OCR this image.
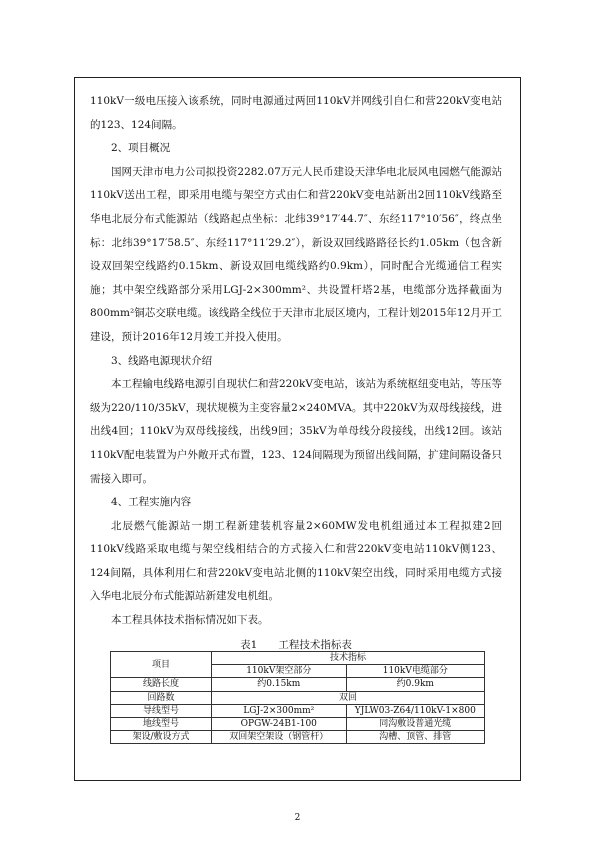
110kV一级电压接入该系统，同时电源通过两回110kV并网线引自仁和营220kV变电站的123、124间隔。

2、项目概况

国网天津市电力公司拟投资2282.07万元人民币建设天津华电北辰风电园燃气能源站110kV送出工程，即采用电缆与架空方式由仁和营220kV变电站新出2回110kV线路至华电北辰分布式能源站（线路起点坐标：北纬39°17′44.7″、东经117°10′56″，终点坐标：北纬39°17′58.5″、东经117°11′29.2″），新设双回线路路径长约1.05km（包含新设双回架空线路约0.15km、新设双回电缆线路约0.9km），同时配合光缆通信工程实施；其中架空线路部分采用LGJ-2×300mm²、共设置杆塔2基，电缆部分选择截面为800mm²铜芯交联电缆。该线路全线位于天津市北辰区境内，工程计划2015年12月开工建设，预计2016年12月竣工并投入使用。

3、线路电源现状介绍

本工程输电线路电源引自现状仁和营220kV变电站，该站为系统枢纽变电站，等压等级为220/110/35kV，现状规模为主变容量2×240MVA。其中220kV为双母线接线，进出线4回；110kV为双母线接线，出线9回；35kV为单母线分段接线，出线12回。该站110kV配电装置为户外敞开式布置，123、124间隔现为预留出线间隔，扩建间隔设备只需接入即可。

4、工程实施内容

北辰燃气能源站一期工程新建装机容量2×60MW发电机组通过本工程拟建2回110kV线路采取电缆与架空线相结合的方式接入仁和营220kV变电站110kV侧123、124间隔，具体利用仁和营220kV变电站北侧的110kV架空出线，同时采用电缆方式接入华电北辰分布式能源站新建发电机组。

本工程具体技术指标情况如下表。

表1　　工程技术指标表

项目	技术指标	
	110kV架空部分	110kV电缆部分
线路长度	约0.15km	约0.9km
回路数	双回	
导线型号	LGJ-2×300mm²	YJLW03-Z64/110kV-1×800
地线型号	OPGW-24B1-100	同沟敷设普通光缆
架设/敷设方式	双回架空架设（钢管杆）	沟槽、顶管、排管
2
